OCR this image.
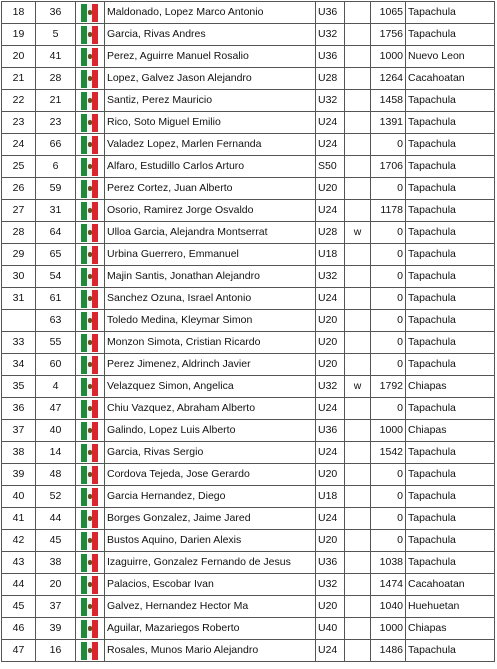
18	36		Maldonado, Lopez Marco Antonio	U36		1065	Tapachula
19	5		Garcia, Rivas Andres	U32		1756	Tapachula
20	41		Perez, Aguirre Manuel Rosalio	U36		1000	Nuevo Leon
21	28		Lopez, Galvez Jason Alejandro	U28		1264	Cacahoatan
22	21		Santiz, Perez Mauricio	U32		1458	Tapachula
23	23		Rico, Soto Miguel Emilio	U24		1391	Tapachula
24	66		Valadez Lopez, Marlen Fernanda	U24		0	Tapachula
25	6		Alfaro, Estudillo Carlos Arturo	S50		1706	Tapachula
26	59		Perez Cortez, Juan Alberto	U20		0	Tapachula
27	31		Osorio, Ramirez Jorge Osvaldo	U24		1178	Tapachula
28	64		Ulloa Garcia, Alejandra Montserrat	U28	w	0	Tapachula
29	65		Urbina Guerrero, Emmanuel	U18		0	Tapachula
30	54		Majin Santis, Jonathan Alejandro	U32		0	Tapachula
31	61		Sanchez Ozuna, Israel Antonio	U24		0	Tapachula
	63		Toledo Medina, Kleymar Simon	U20		0	Tapachula
33	55		Monzon Simota, Cristian Ricardo	U20		0	Tapachula
34	60		Perez Jimenez, Aldrinch Javier	U20		0	Tapachula
35	4		Velazquez Simon, Angelica	U32	w	1792	Chiapas
36	47		Chiu Vazquez, Abraham Alberto	U24		0	Tapachula
37	40		Galindo, Lopez Luis Alberto	U36		1000	Chiapas
38	14		Garcia, Rivas Sergio	U24		1542	Tapachula
39	48		Cordova Tejeda, Jose Gerardo	U20		0	Tapachula
40	52		Garcia Hernandez, Diego	U18		0	Tapachula
41	44		Borges Gonzalez, Jaime Jared	U24		0	Tapachula
42	45		Bustos Aquino, Darien Alexis	U20		0	Tapachula
43	38		Izaguirre, Gonzalez Fernando de Jesus	U36		1038	Tapachula
44	20		Palacios, Escobar Ivan	U32		1474	Cacahoatan
45	37		Galvez, Hernandez Hector Ma	U20		1040	Huehuetan
46	39		Aguilar, Mazariegos Roberto	U40		1000	Chiapas
47	16		Rosales, Munos Mario Alejandro	U24		1486	Tapachula
